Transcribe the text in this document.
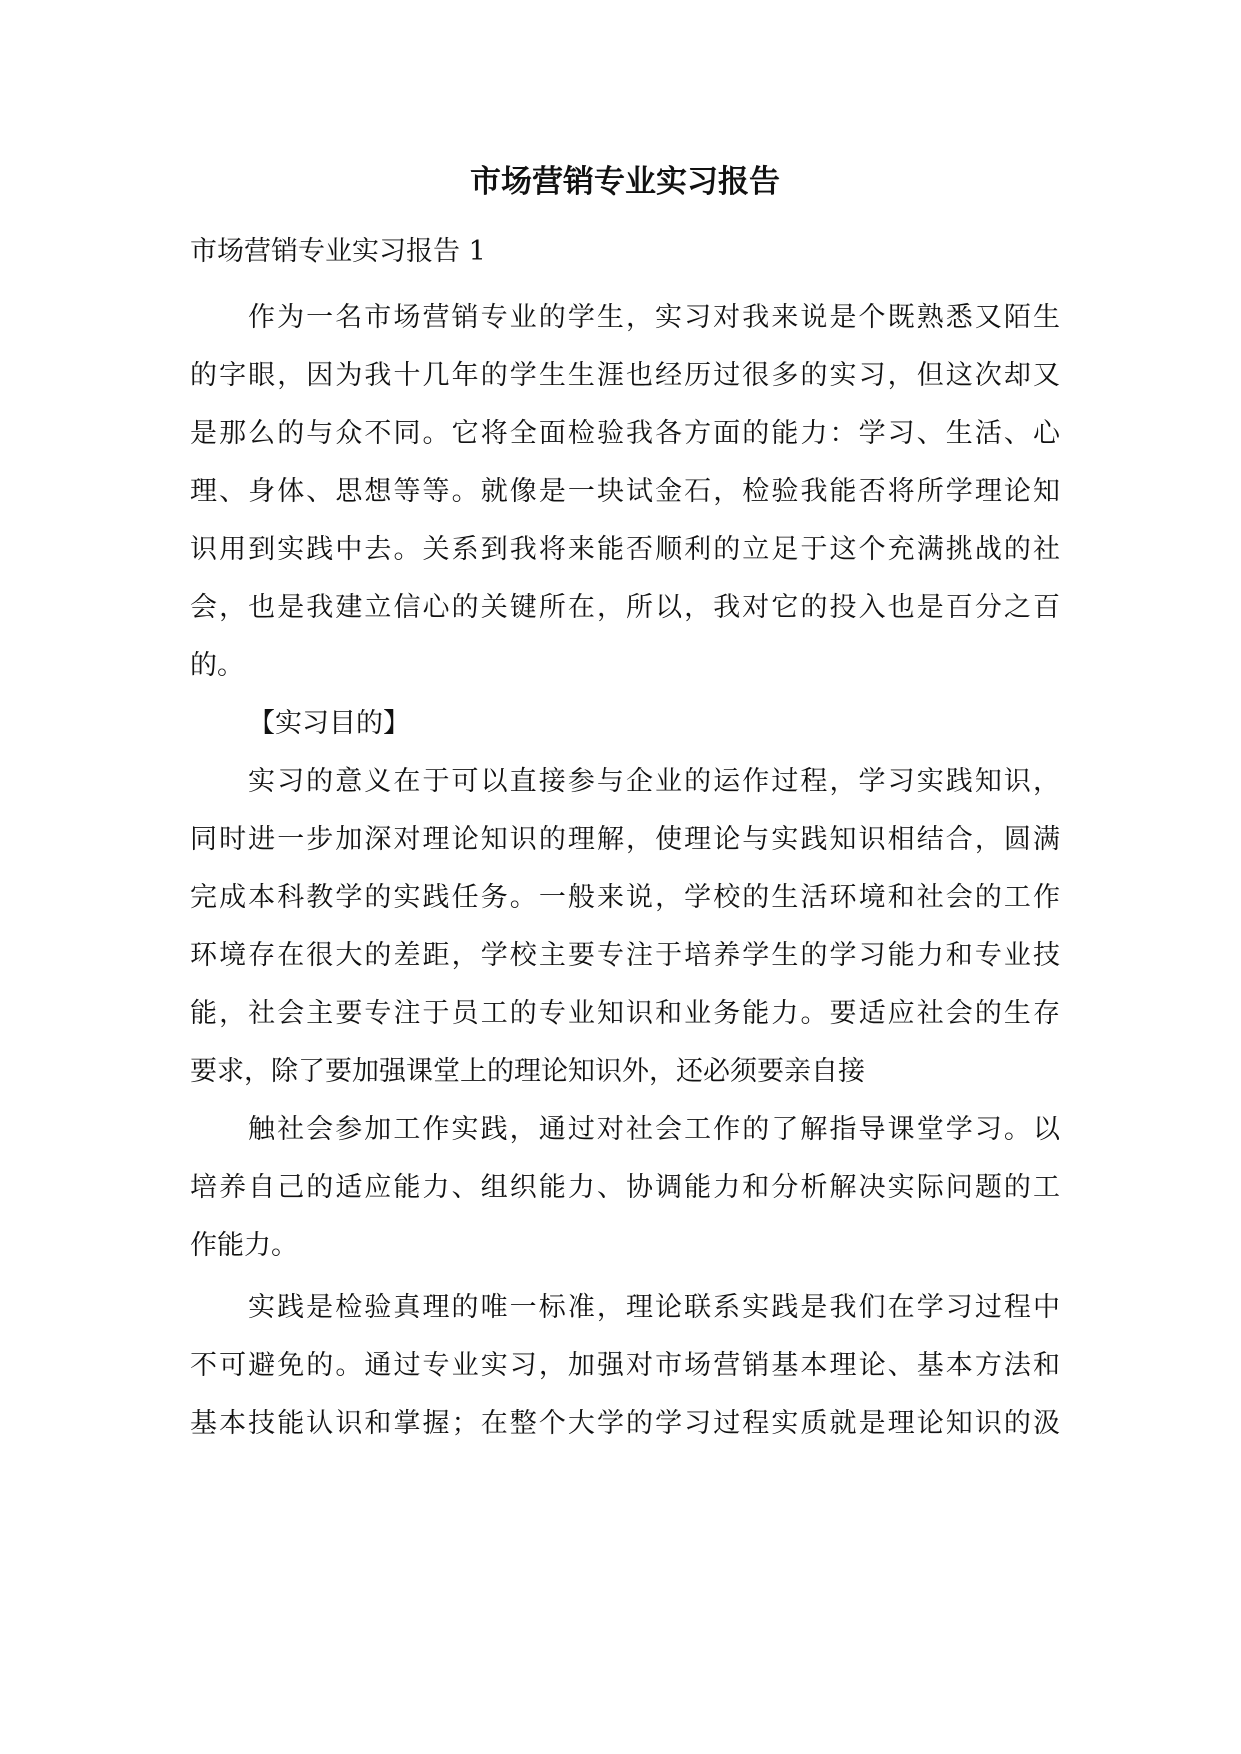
市场营销专业实习报告

市场营销专业实习报告 1

作为一名市场营销专业的学生，实习对我来说是个既熟悉又陌生

的字眼，因为我十几年的学生生涯也经历过很多的实习，但这次却又

是那么的与众不同。它将全面检验我各方面的能力：学习、生活、心

理、身体、思想等等。就像是一块试金石，检验我能否将所学理论知

识用到实践中去。关系到我将来能否顺利的立足于这个充满挑战的社

会，也是我建立信心的关键所在，所以，我对它的投入也是百分之百

的。

【实习目的】

实习的意义在于可以直接参与企业的运作过程，学习实践知识，

同时进一步加深对理论知识的理解，使理论与实践知识相结合，圆满

完成本科教学的实践任务。一般来说，学校的生活环境和社会的工作

环境存在很大的差距，学校主要专注于培养学生的学习能力和专业技

能，社会主要专注于员工的专业知识和业务能力。要适应社会的生存

要求，除了要加强课堂上的理论知识外，还必须要亲自接

触社会参加工作实践，通过对社会工作的了解指导课堂学习。以

培养自己的适应能力、组织能力、协调能力和分析解决实际问题的工

作能力。

实践是检验真理的唯一标准，理论联系实践是我们在学习过程中

不可避免的。通过专业实习，加强对市场营销基本理论、基本方法和

基本技能认识和掌握；在整个大学的学习过程实质就是理论知识的汲
